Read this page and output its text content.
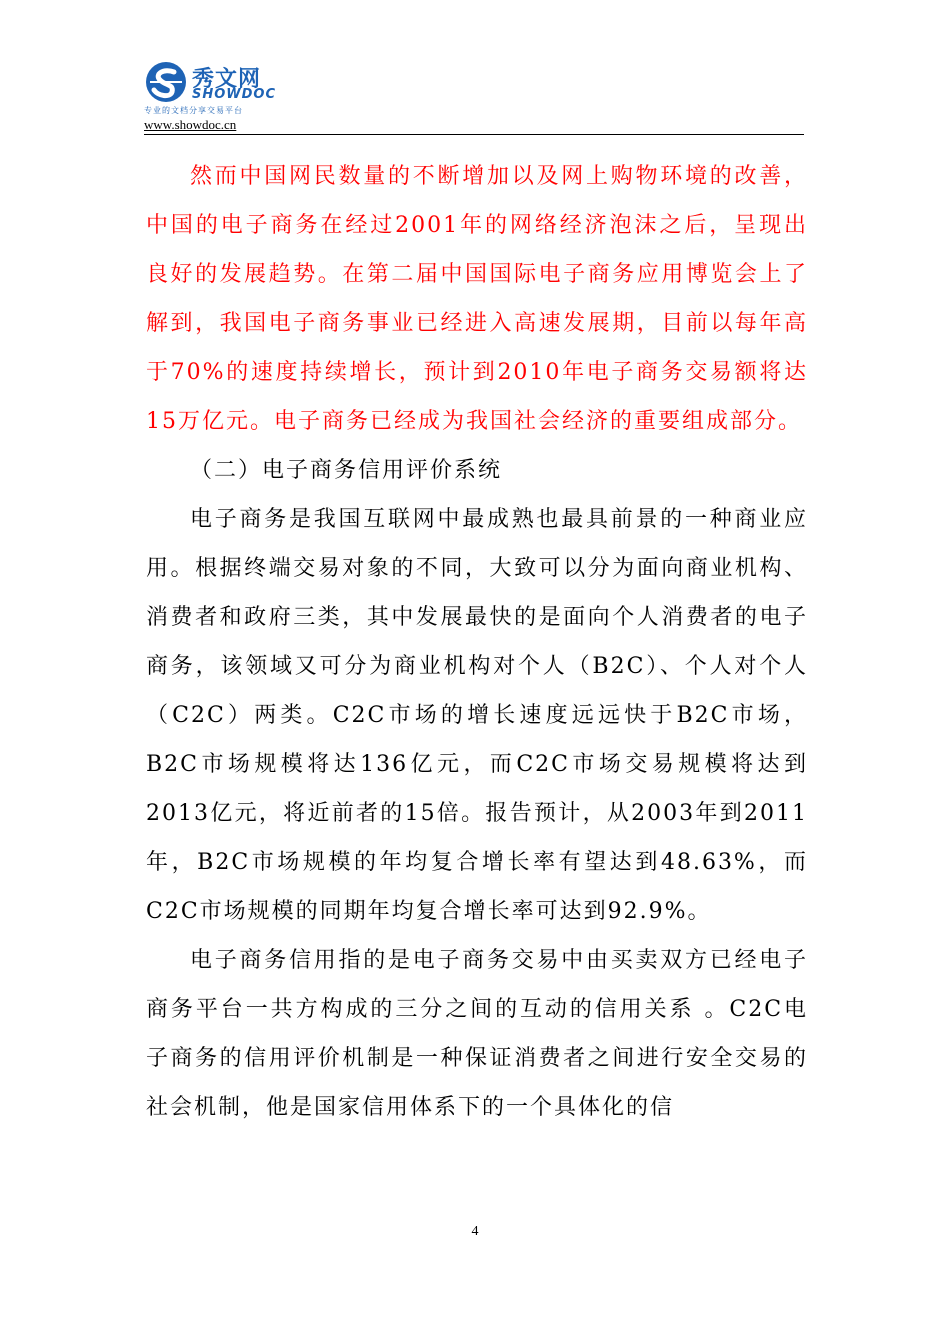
秀文网
SHOWDOC
专业的文档分享交易平台
www.showdoc.cn

然而中国网民数量的不断增加以及网上购物环境的改善，中国的电子商务在经过2001年的网络经济泡沫之后，呈现出良好的发展趋势。在第二届中国国际电子商务应用博览会上了解到，我国电子商务事业已经进入高速发展期，目前以每年高于70%的速度持续增长，预计到2010年电子商务交易额将达15万亿元。电子商务已经成为我国社会经济的重要组成部分。

（二）电子商务信用评价系统

电子商务是我国互联网中最成熟也最具前景的一种商业应用。根据终端交易对象的不同，大致可以分为面向商业机构、消费者和政府三类，其中发展最快的是面向个人消费者的电子商务，该领域又可分为商业机构对个人（B2C）、个人对个人（C2C）两类。C2C市场的增长速度远远快于B2C市场，B2C市场规模将达136亿元，而C2C市场交易规模将达到2013亿元，将近前者的15倍。报告预计，从2003年到2011年，B2C市场规模的年均复合增长率有望达到48.63%，而C2C市场规模的同期年均复合增长率可达到92.9%。

电子商务信用指的是电子商务交易中由买卖双方已经电子商务平台一共方构成的三分之间的互动的信用关系 。C2C电子商务的信用评价机制是一种保证消费者之间进行安全交易的社会机制，他是国家信用体系下的一个具体化的信

4
